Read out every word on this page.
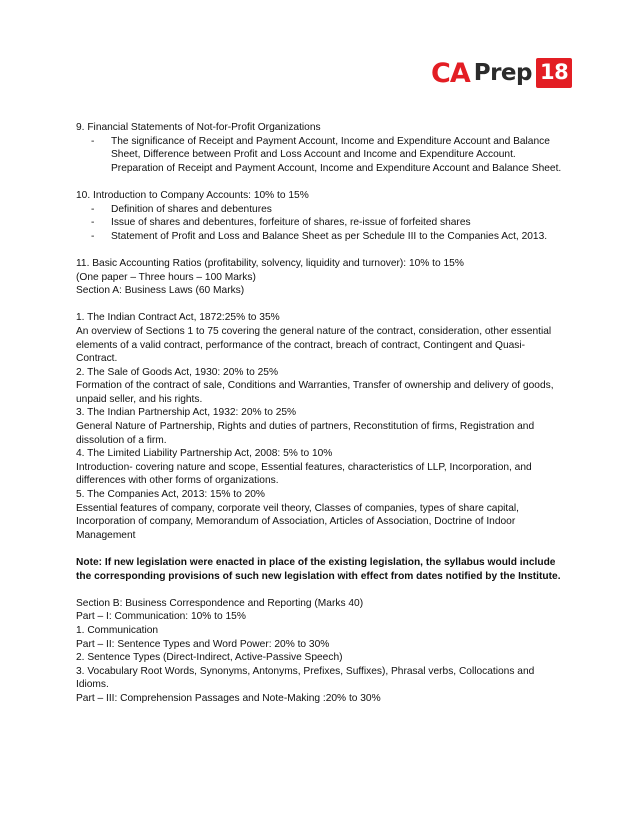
CA Prep 18

9. Financial Statements of Not-for-Profit Organizations

- The significance of Receipt and Payment Account, Income and Expenditure Account and Balance Sheet, Difference between Profit and Loss Account and Income and Expenditure Account. Preparation of Receipt and Payment Account, Income and Expenditure Account and Balance Sheet.

10. Introduction to Company Accounts: 10% to 15%

- Definition of shares and debentures

- Issue of shares and debentures, forfeiture of shares, re-issue of forfeited shares

- Statement of Profit and Loss and Balance Sheet as per Schedule III to the Companies Act, 2013.

11. Basic Accounting Ratios (profitability, solvency, liquidity and turnover): 10% to 15%

(One paper – Three hours – 100 Marks)

Section A: Business Laws (60 Marks)

1. The Indian Contract Act, 1872:25% to 35%

An overview of Sections 1 to 75 covering the general nature of the contract, consideration, other essential elements of a valid contract, performance of the contract, breach of contract, Contingent and Quasi-Contract.

2. The Sale of Goods Act, 1930: 20% to 25%

Formation of the contract of sale, Conditions and Warranties, Transfer of ownership and delivery of goods, unpaid seller, and his rights.

3. The Indian Partnership Act, 1932: 20% to 25%

General Nature of Partnership, Rights and duties of partners, Reconstitution of firms, Registration and dissolution of a firm.

4. The Limited Liability Partnership Act, 2008: 5% to 10%

Introduction- covering nature and scope, Essential features, characteristics of LLP, Incorporation, and differences with other forms of organizations.

5. The Companies Act, 2013: 15% to 20%

Essential features of company, corporate veil theory, Classes of companies, types of share capital, Incorporation of company, Memorandum of Association, Articles of Association, Doctrine of Indoor Management

Note: If new legislation were enacted in place of the existing legislation, the syllabus would include the corresponding provisions of such new legislation with effect from dates notified by the Institute.

Section B: Business Correspondence and Reporting (Marks 40)

Part – I: Communication: 10% to 15%

1. Communication

Part – II: Sentence Types and Word Power: 20% to 30%

2. Sentence Types (Direct-Indirect, Active-Passive Speech)

3. Vocabulary Root Words, Synonyms, Antonyms, Prefixes, Suffixes), Phrasal verbs, Collocations and Idioms.

Part – III: Comprehension Passages and Note-Making :20% to 30%
